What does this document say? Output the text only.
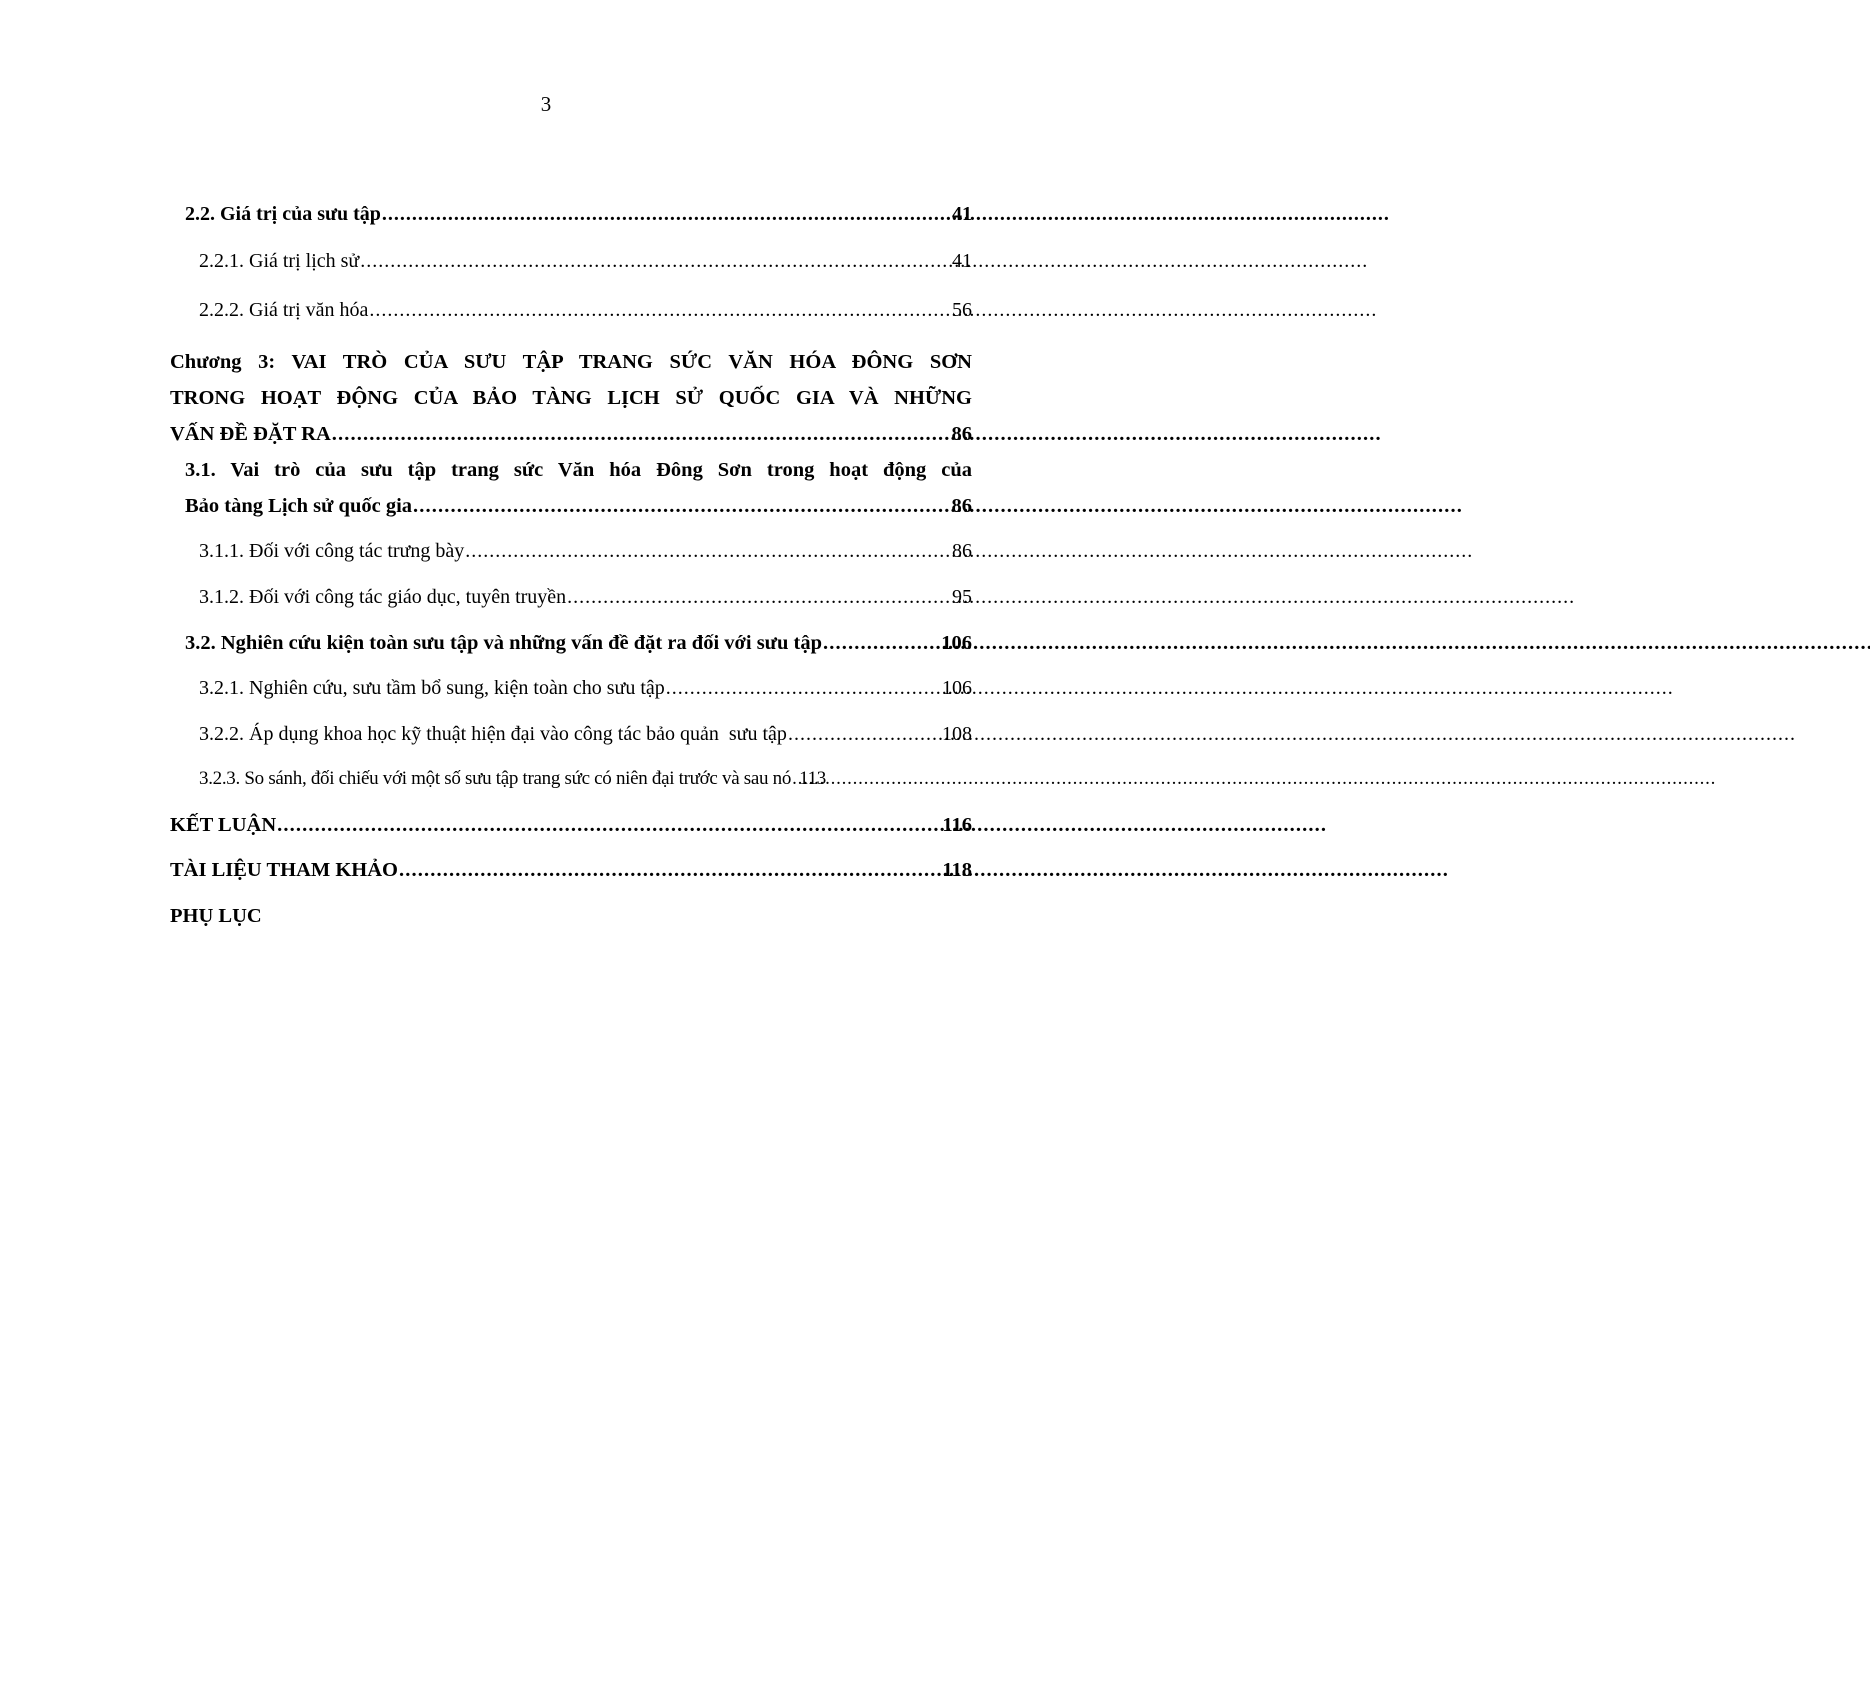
3
2.2. Giá trị của sưu tập . . .	41
2.2.1. Giá trị lịch sử . . .	41
2.2.2. Giá trị văn hóa . . .	56
Chương 3: VAI TRÒ CỦA SƯU TẬP TRANG SỨC VĂN HÓA ĐÔNG SƠN
TRONG HOẠT ĐỘNG CỦA BẢO TÀNG LỊCH SỬ QUỐC GIA VÀ NHỮNG
VẤN ĐỀ ĐẶT RA . . .	86
3.1. Vai trò của sưu tập trang sức Văn hóa Đông Sơn trong hoạt động của
Bảo tàng Lịch sử quốc gia . . .	86
3.1.1. Đối với công tác trưng bày . . .	86
3.1.2. Đối với công tác giáo dục, tuyên truyền . . .	95
3.2. Nghiên cứu kiện toàn sưu tập và những vấn đề đặt ra đối với sưu tập . . .	106
3.2.1. Nghiên cứu, sưu tầm bổ sung, kiện toàn cho sưu tập . . .	106
3.2.2. Áp dụng khoa học kỹ thuật hiện đại vào công tác bảo quản  sưu tập . . .	108
3.2.3. So sánh, đối chiếu với một số sưu tập trang sức có niên đại trước và sau nó . . . 113
KẾT LUẬN . . .	116
TÀI LIỆU THAM KHẢO . . .	118
PHỤ LỤC
